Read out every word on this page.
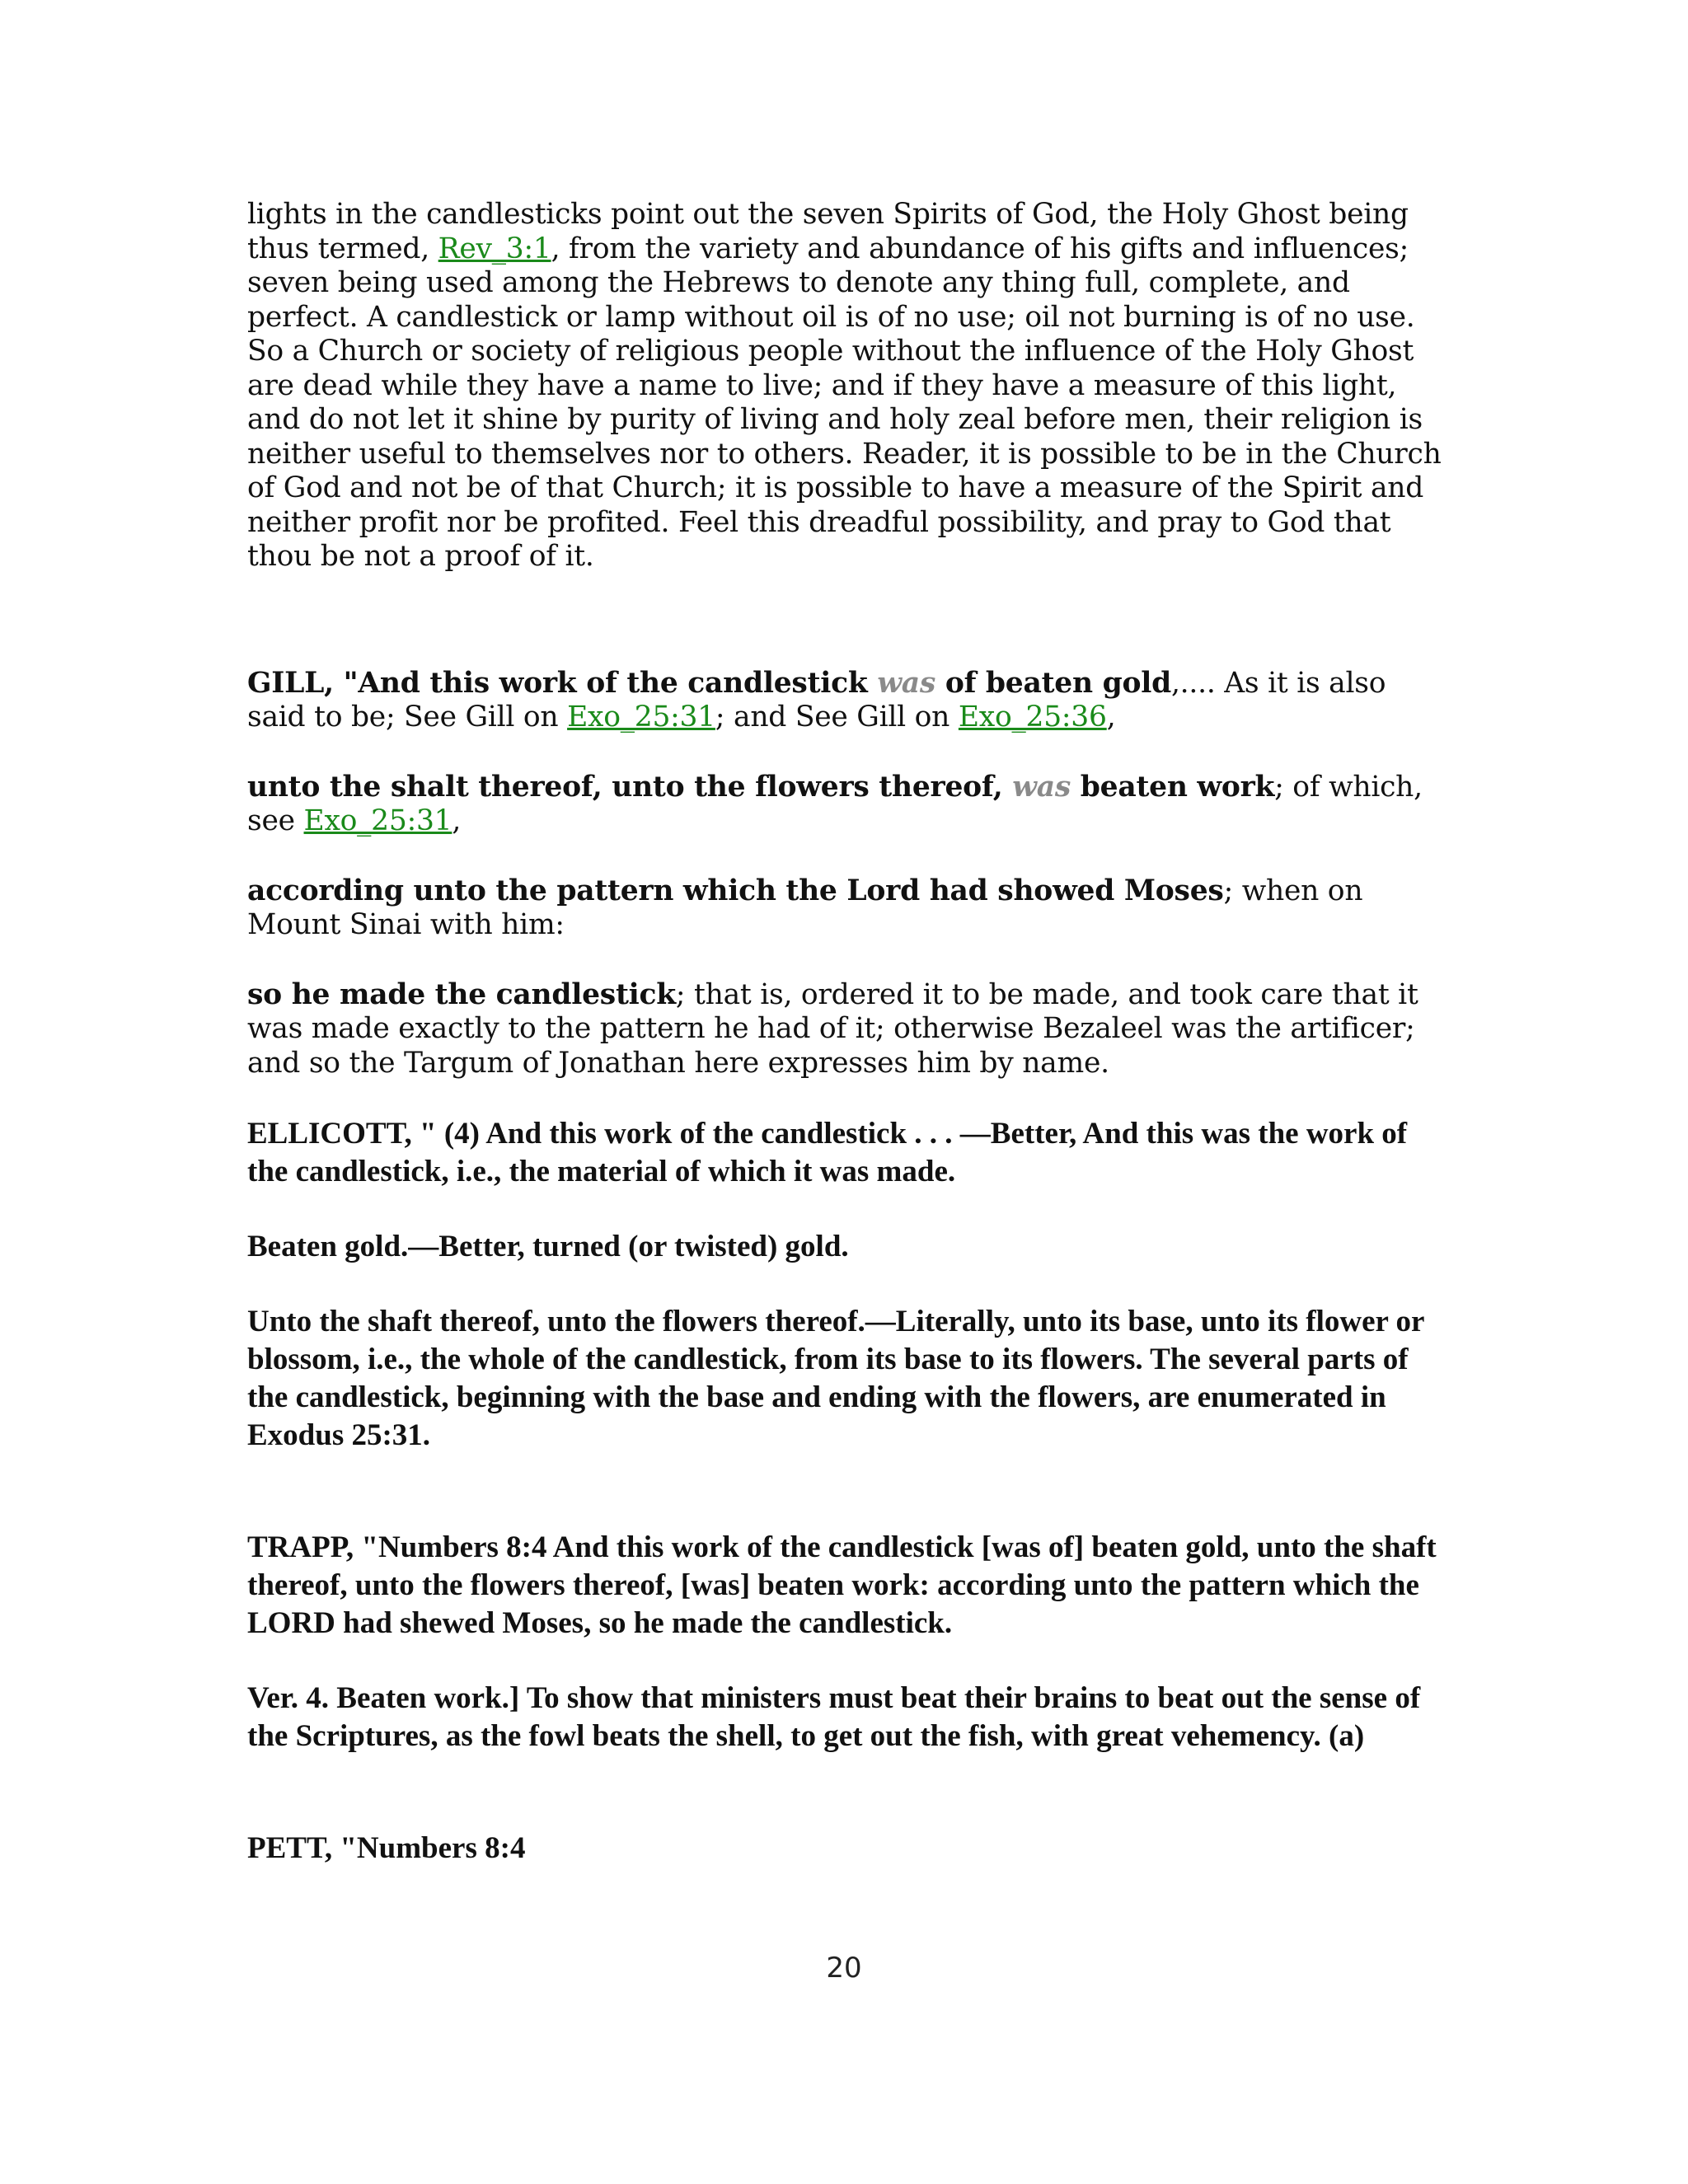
lights in the candlesticks point out the seven Spirits of God, the Holy Ghost being thus termed, Rev_3:1, from the variety and abundance of his gifts and influences; seven being used among the Hebrews to denote any thing full, complete, and perfect. A candlestick or lamp without oil is of no use; oil not burning is of no use. So a Church or society of religious people without the influence of the Holy Ghost are dead while they have a name to live; and if they have a measure of this light, and do not let it shine by purity of living and holy zeal before men, their religion is neither useful to themselves nor to others. Reader, it is possible to be in the Church of God and not be of that Church; it is possible to have a measure of the Spirit and neither profit nor be profited. Feel this dreadful possibility, and pray to God that thou be not a proof of it.

GILL, "And this work of the candlestick was of beaten gold,.... As it is also said to be; See Gill on Exo_25:31; and See Gill on Exo_25:36,

unto the shalt thereof, unto the flowers thereof, was beaten work; of which, see Exo_25:31,

according unto the pattern which the Lord had showed Moses; when on Mount Sinai with him:

so he made the candlestick; that is, ordered it to be made, and took care that it was made exactly to the pattern he had of it; otherwise Bezaleel was the artificer; and so the Targum of Jonathan here expresses him by name.

ELLICOTT, " (4) And this work of the candlestick . . . —Better, And this was the work of the candlestick, i.e., the material of which it was made.

Beaten gold.—Better, turned (or twisted) gold.

Unto the shaft thereof, unto the flowers thereof.—Literally, unto its base, unto its flower or blossom, i.e., the whole of the candlestick, from its base to its flowers. The several parts of the candlestick, beginning with the base and ending with the flowers, are enumerated in Exodus 25:31.

TRAPP, "Numbers 8:4 And this work of the candlestick [was of] beaten gold, unto the shaft thereof, unto the flowers thereof, [was] beaten work: according unto the pattern which the LORD had shewed Moses, so he made the candlestick.

Ver. 4. Beaten work.] To show that ministers must beat their brains to beat out the sense of the Scriptures, as the fowl beats the shell, to get out the fish, with great vehemency. (a)

PETT, "Numbers 8:4

20
